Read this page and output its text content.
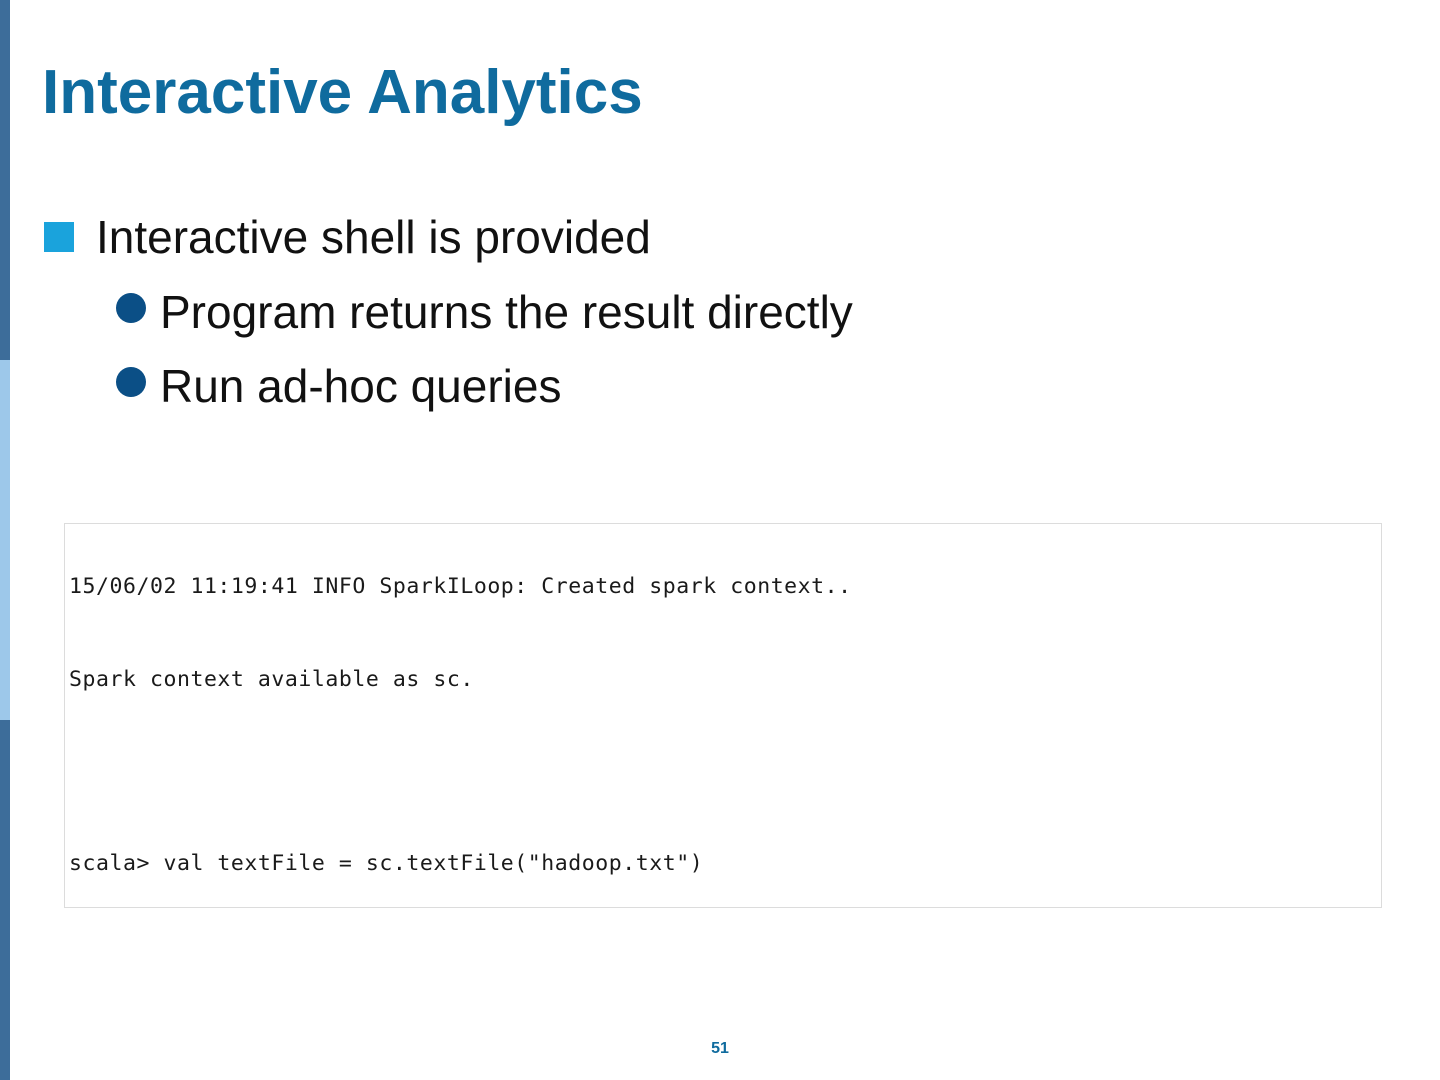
Interactive Analytics
Interactive shell is provided
Program returns the result directly
Run ad-hoc queries

15/06/02 11:19:41 INFO SparkILoop: Created spark context..

Spark context available as sc.

scala> val textFile = sc.textFile("hadoop.txt")

51
